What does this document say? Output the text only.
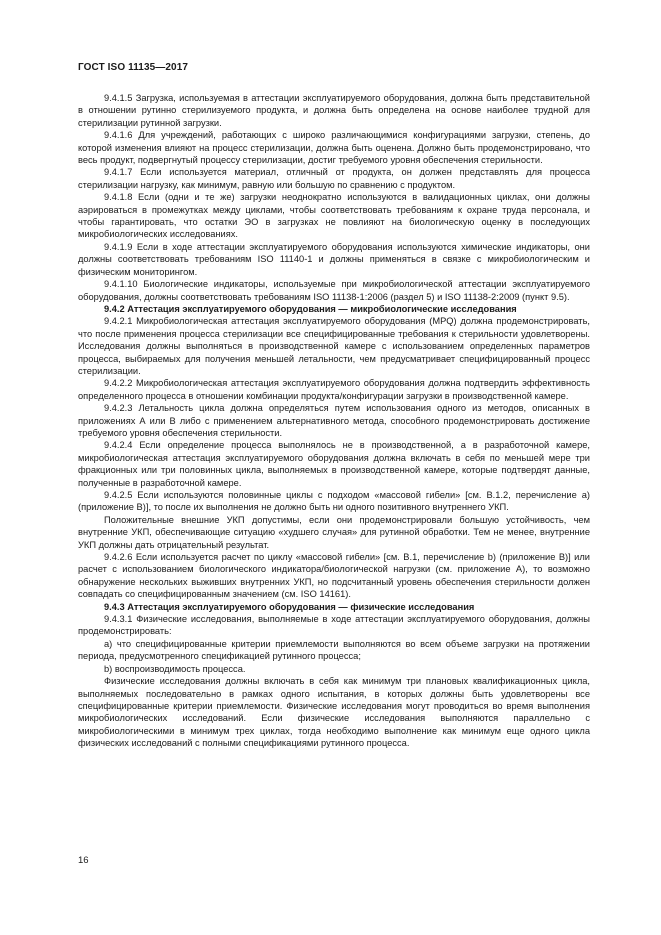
ГОСТ ISO 11135—2017

9.4.1.5 Загрузка, используемая в аттестации эксплуатируемого оборудования, должна быть представительной в отношении рутинно стерилизуемого продукта, и должна быть определена на основе наиболее трудной для стерилизации рутинной загрузки.

9.4.1.6 Для учреждений, работающих с широко различающимися конфигурациями загрузки, степень, до которой изменения влияют на процесс стерилизации, должна быть оценена. Должно быть продемонстрировано, что весь продукт, подвергнутый процессу стерилизации, достиг требуемого уровня обеспечения стерильности.

9.4.1.7 Если используется материал, отличный от продукта, он должен представлять для процесса стерилизации нагрузку, как минимум, равную или большую по сравнению с продуктом.

9.4.1.8 Если (одни и те же) загрузки неоднократно используются в валидационных циклах, они должны аэрироваться в промежутках между циклами, чтобы соответствовать требованиям к охране труда персонала, и чтобы гарантировать, что остатки ЭО в загрузках не повлияют на биологическую оценку в последующих микробиологических исследованиях.

9.4.1.9 Если в ходе аттестации эксплуатируемого оборудования используются химические индикаторы, они должны соответствовать требованиям ISO 11140-1 и должны применяться в связке с микробиологическим и физическим мониторингом.

9.4.1.10 Биологические индикаторы, используемые при микробиологической аттестации эксплуатируемого оборудования, должны соответствовать требованиям ISO 11138-1:2006 (раздел 5) и ISO 11138-2:2009 (пункт 9.5).

9.4.2 Аттестация эксплуатируемого оборудования — микробиологические исследования

9.4.2.1 Микробиологическая аттестация эксплуатируемого оборудования (MPQ) должна продемонстрировать, что после применения процесса стерилизации все специфицированные требования к стерильности удовлетворены. Исследования должны выполняться в производственной камере с использованием определенных параметров процесса, выбираемых для получения меньшей летальности, чем предусматривает специфицированный процесс стерилизации.

9.4.2.2 Микробиологическая аттестация эксплуатируемого оборудования должна подтвердить эффективность определенного процесса в отношении комбинации продукта/конфигурации загрузки в производственной камере.

9.4.2.3 Летальность цикла должна определяться путем использования одного из методов, описанных в приложениях А или В либо с применением альтернативного метода, способного продемонстрировать достижение требуемого уровня обеспечения стерильности.

9.4.2.4 Если определение процесса выполнялось не в производственной, а в разработочной камере, микробиологическая аттестация эксплуатируемого оборудования должна включать в себя по меньшей мере три фракционных или три половинных цикла, выполняемых в производственной камере, которые подтвердят данные, полученные в разработочной камере.

9.4.2.5 Если используются половинные циклы с подходом «массовой гибели» [см. В.1.2, перечисление a) (приложение В)], то после их выполнения не должно быть ни одного позитивного внутреннего УКП.

Положительные внешние УКП допустимы, если они продемонстрировали большую устойчивость, чем внутренние УКП, обеспечивающие ситуацию «худшего случая» для рутинной обработки. Тем не менее, внутренние УКП должны дать отрицательный результат.

9.4.2.6 Если используется расчет по циклу «массовой гибели» [см. В.1, перечисление b) (приложение В)] или расчет с использованием биологического индикатора/биологической нагрузки (см. приложение А), то возможно обнаружение нескольких выживших внутренних УКП, но подсчитанный уровень обеспечения стерильности должен совпадать со специфицированным значением (см. ISO 14161).

9.4.3 Аттестация эксплуатируемого оборудования — физические исследования

9.4.3.1 Физические исследования, выполняемые в ходе аттестации эксплуатируемого оборудования, должны продемонстрировать:

a) что специфицированные критерии приемлемости выполняются во всем объеме загрузки на протяжении периода, предусмотренного спецификацией рутинного процесса;

b) воспроизводимость процесса.

Физические исследования должны включать в себя как минимум три плановых квалификационных цикла, выполняемых последовательно в рамках одного испытания, в которых должны быть удовлетворены все специфицированные критерии приемлемости. Физические исследования могут проводиться во время выполнения микробиологических исследований. Если физические исследования выполняются параллельно с микробиологическими в минимум трех циклах, тогда необходимо выполнение как минимум еще одного цикла физических исследований с полными спецификациями рутинного процесса.

16
